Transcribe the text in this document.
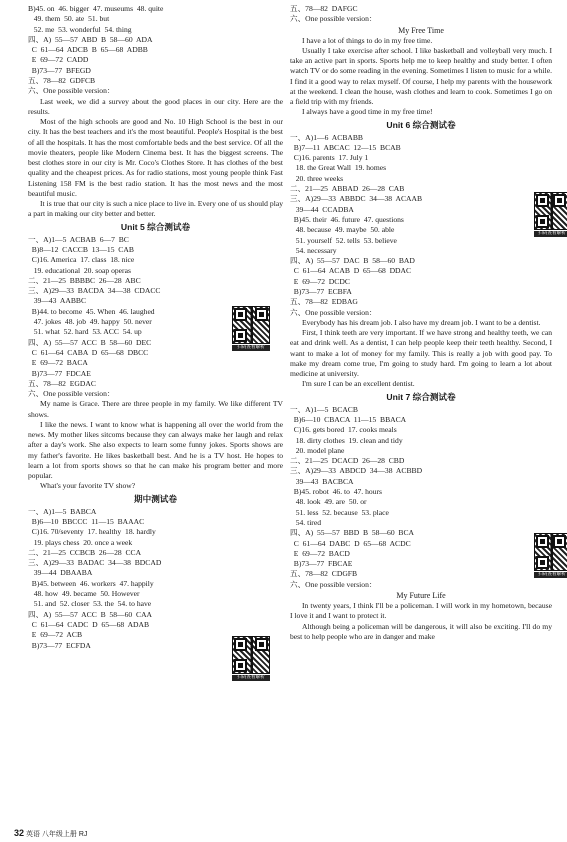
B)45. on  46. bigger  47. museums  48. quite
49. them  50. ate  51. but
52. me  53. wonderful  54. thing
四、A)  55—57  ABD  B  58—60  ADA
C  61—64  ADCB  B  65—68  ADBB
E  69—72  CADD
B)73—77  BFEGD
五、78—82  GDFCB
六、One possible version：

Last week, we did a survey about the good places in our city. Here are the results.

Most of the high schools are good and No. 10 High School is the best in our city. It has the best teachers and it's the most beautiful. People's Hospital is the best of all the hospitals. It has the most comfortable beds and the best service. Of all the movie theaters, people like Modern Cinema best. It has the biggest screens. The best clothes store in our city is Mr. Coco's Clothes Store. It has clothes of the best quality and the cheapest prices. As for radio stations, most young people think Fast Listening 158 FM is the best radio station. It has the most news and the most beautiful music.

It is true that our city is such a nice place to live in. Every one of us should play a part in making our city better and better.

Unit 5 综合测试卷
一、A)1—5  ACBAB  6—7  BC
B)8—12  CACCB  13—15  CAB
C)16. America  17. class  18. nice
19. educational  20. soap operas
二、21—25  BBBBC  26—28  ABC
三、A)29—33  BACDA  34—38  CDACC
39—43  AABBC
B)44. to become  45. When  46. laughed
47. jokes  48. job  49. happy  50. never
51. what  52. hard  53. ACC  54. up
四、A)  55—57  ACC  B  58—60  DEC
C  61—64  CABA  D  65—68  DBCC
E  69—72  BACA
B)73—77  FDCAE
五、78—82  EGDAC
六、One possible version：

My name is Grace. There are three people in my family. We like different TV shows.

I like the news. I want to know what is happening all over the world from the news. My mother likes sitcoms because they can always make her laugh and relax after a day's work. She also expects to learn some funny jokes. Sports shows are my father's favorite. He likes basketball best. And he is a TV host. He hopes to learn a lot from sports shows so that he can make his program better and more popular.

What's your favorite TV show?

期中测试卷
一、A)1—5  BABCA
B)6—10  BBCCC  11—15  BAAAC
C)16. 70/seventy  17. healthy  18. hardly
19. plays chess  20. once a week
二、21—25  CCBCB  26—28  CCA
三、A)29—33  BADAC  34—38  BDCAD
39—44  DBAABA
B)45. between  46. workers  47. happily
48. how  49. became  50. However
51. and  52. closer  53. the  54. to have
四、A)  55—57  ACC  B  58—60  CAA
C  61—64  CADC  D  65—68  ADAB
E  69—72  ACB
B)73—77  ECFDA
五、78—82  DAFGC
六、One possible version：
My Free Time

I have a lot of things to do in my free time.

Usually I take exercise after school. I like basketball and volleyball very much. I take an active part in sports. Sports help me to keep healthy and study better. I often watch TV or do some reading in the evening. Sometimes I listen to music for a while. I find it a good way to relax myself. Of course, I help my parents with the housework at the weekend. I clean the house, wash clothes and learn to cook. Sometimes I go on a field trip with my friends.

I always have a good time in my free time!

Unit 6 综合测试卷
一、A)1—6  ACBABB
B)7—11  ABCAC  12—15  BCAB
C)16. parents  17. July 1
18. the Great Wall  19. homes
20. three weeks
二、21—25  ABBAD  26—28  CAB
三、A)29—33  ABBDC  34—38  ACAAB
39—44  CCADBA
B)45. their  46. future  47. questions
48. because  49. maybe  50. able
51. yourself  52. tells  53. believe
54. necessary
四、A)  55—57  DAC  B  58—60  BAD
C  61—64  ACAB  D  65—68  DDAC
E  69—72  DCDC
B)73—77  ECBFA
五、78—82  EDBAG
六、One possible version：

Everybody has his dream job. I also have my dream job. I want to be a dentist.

First, I think teeth are very important. If we have strong and healthy teeth, we can eat and drink well. As a dentist, I can help people keep their teeth healthy. Second, I want to make a lot of money for my family. This is really a job with good pay. To make my dream come true, I'm going to study hard. I'm going to learn a lot about medicine at university.

I'm sure I can be an excellent dentist.

Unit 7 综合测试卷
一、A)1—5  BCACB
B)6—10  CBACA  11—15  BBACA
C)16. gets bored  17. cooks meals
18. dirty clothes  19. clean and tidy
20. model plane
二、21—25  DCACD  26—28  CBD
三、A)29—33  ABDCD  34—38  ACBBD
39—43  BACBCA
B)45. robot  46. to  47. hours
48. look  49. are  50. or
51. less  52. because  53. place
54. tired
四、A)  55—57  BBD  B  58—60  BCA
C  61—64  DABC  D  65—68  ACDC
E  69—72  BACD
B)73—77  FBCAE
五、78—82  CDGFB
六、One possible version：
My Future Life

In twenty years, I think I'll be a policeman. I will work in my hometown, because I love it and I want to protect it.

Although being a policeman will be dangerous, it will also be exciting. I'll do my best to help people who are in danger and make

扫码查看解析
扫码查看解析
扫码查看解析
扫码查看解析
32 英语 八年级上册 RJ
